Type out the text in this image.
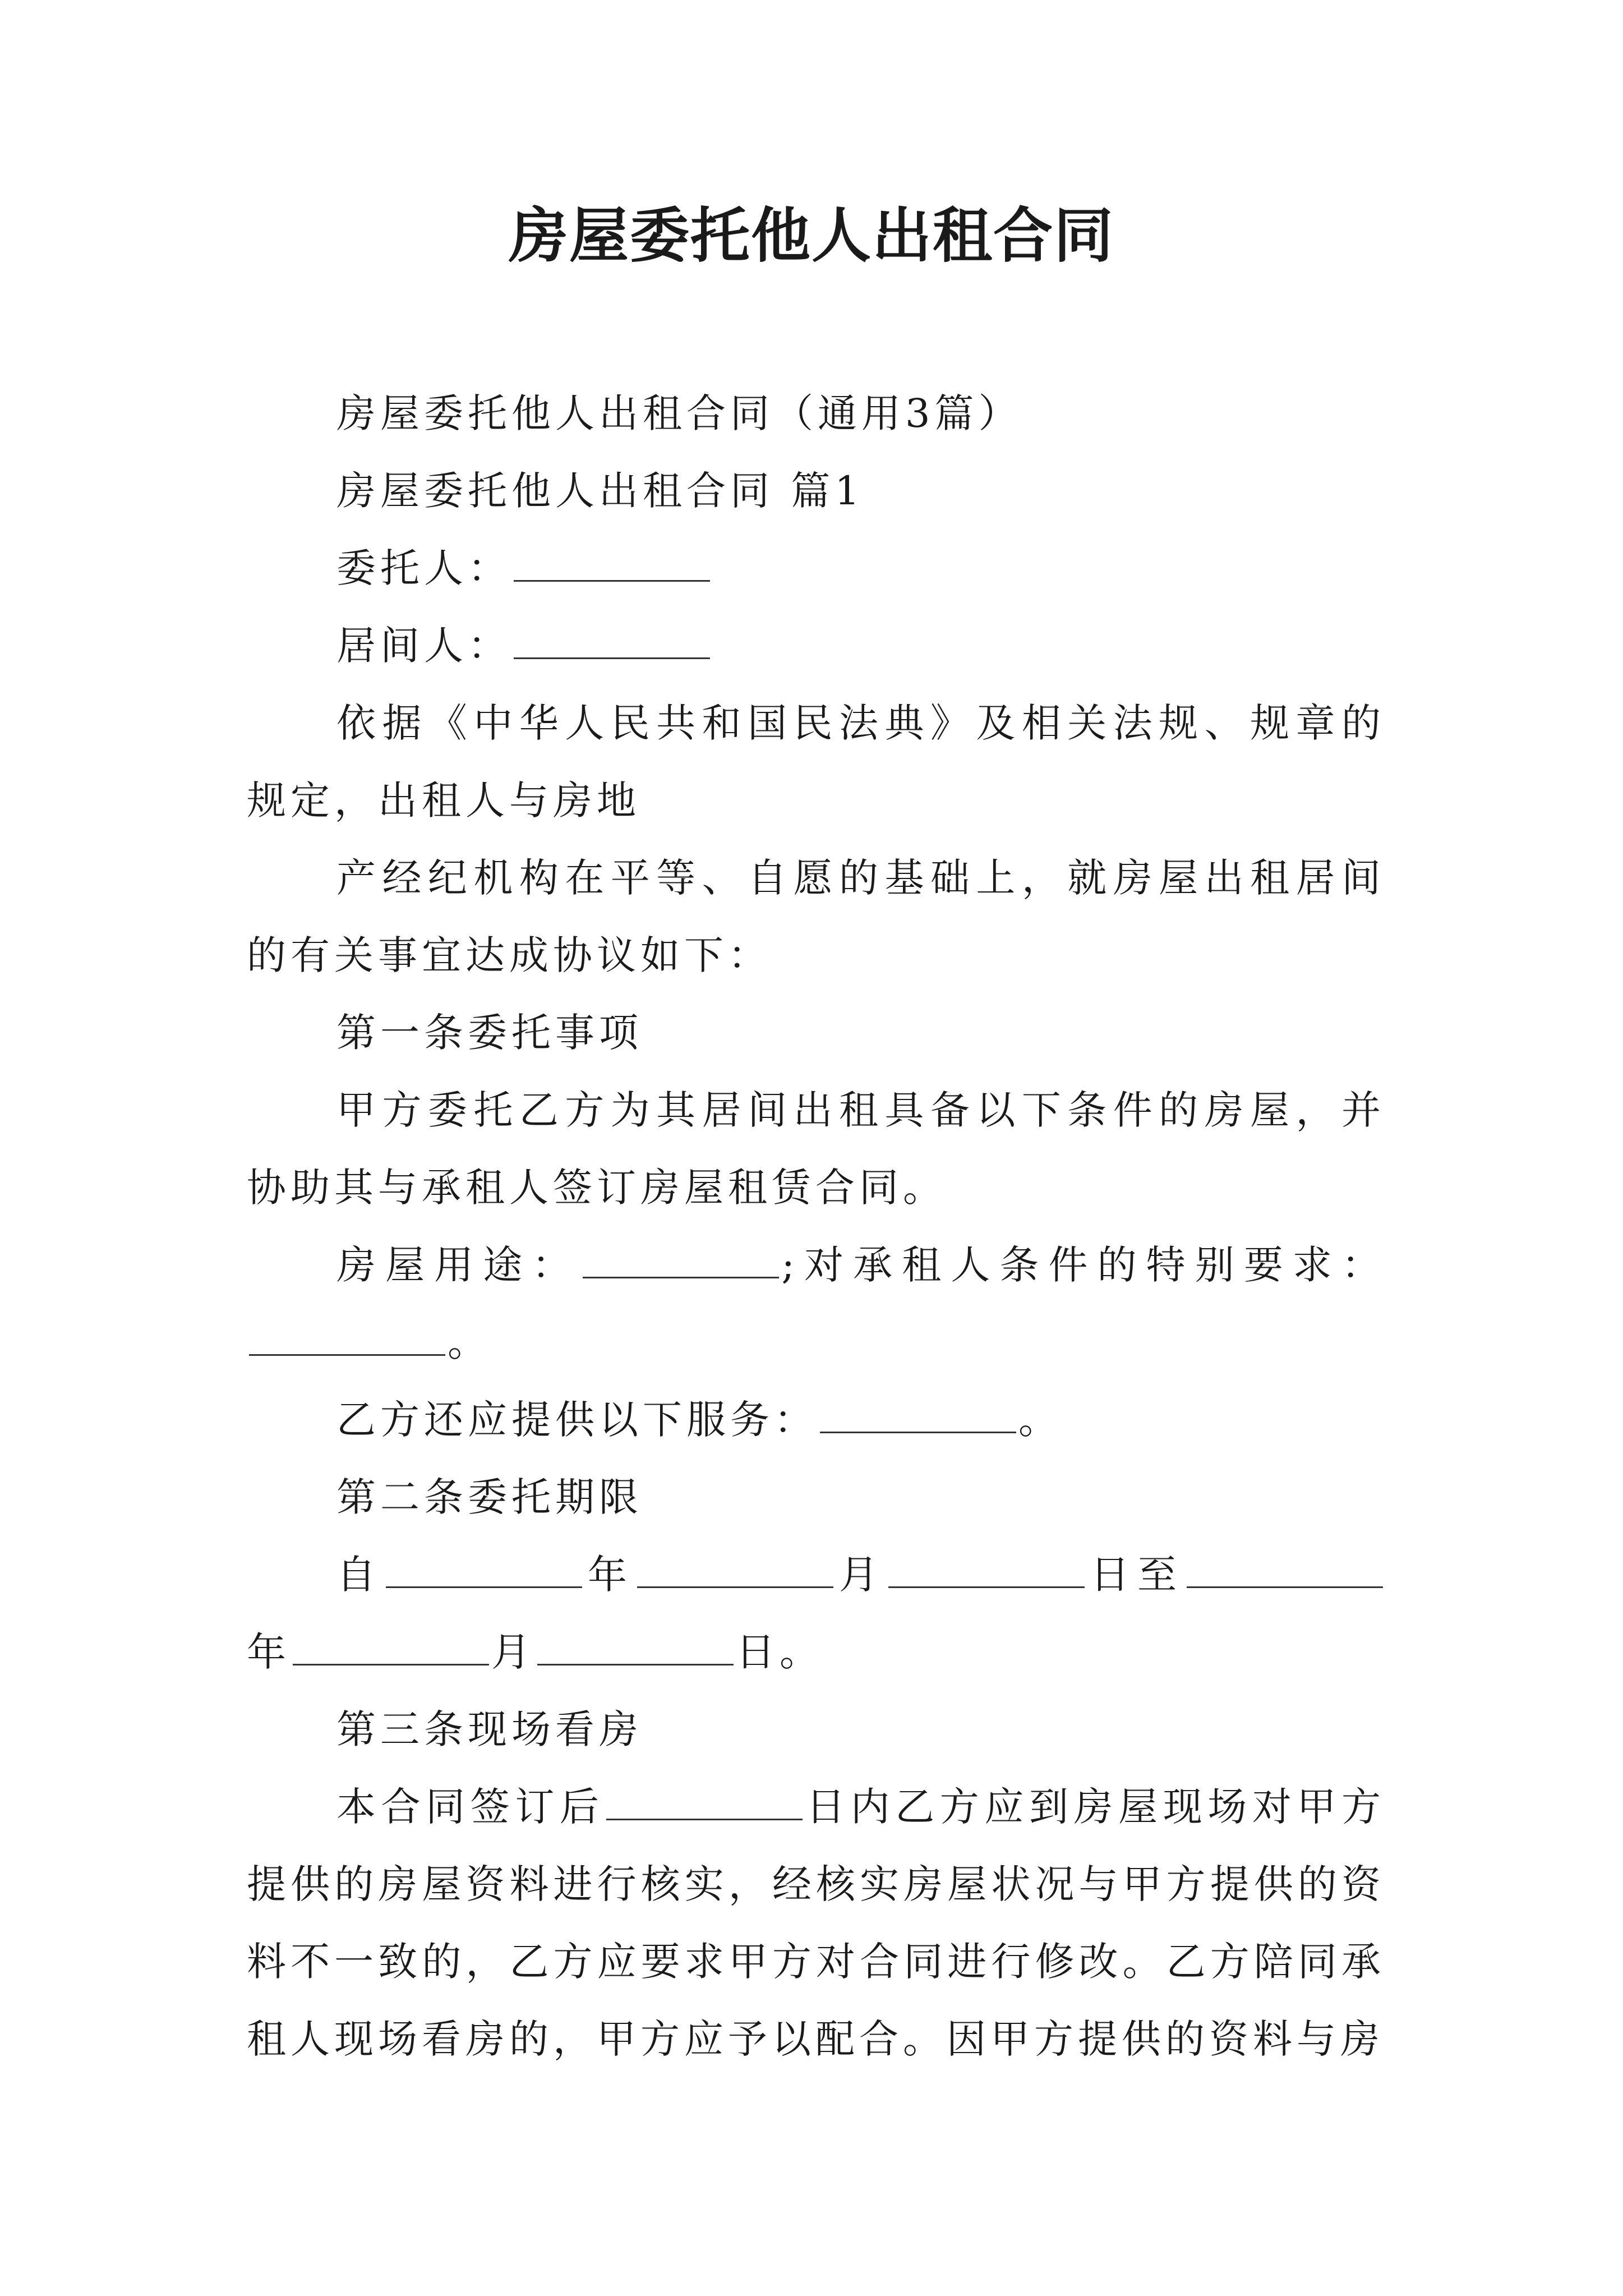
房屋委托他人出租合同

房屋委托他人出租合同（通用3篇）

房屋委托他人出租合同 篇1

委托人：

居间人：

依据《中华人民共和国民法典》及相关法规、规章的规定，出租人与房地

产经纪机构在平等、自愿的基础上，就房屋出租居间的有关事宜达成协议如下：

第一条委托事项

甲方委托乙方为其居间出租具备以下条件的房屋，并协助其与承租人签订房屋租赁合同。

房屋用途：	;对承租人条件的特别要求：。

乙方还应提供以下服务：	。

第二条委托期限

自	年	月	日至年	月	日。

第三条现场看房

本合同签订后	日内乙方应到房屋现场对甲方提供的房屋资料进行核实，经核实房屋状况与甲方提供的资料不一致的，乙方应要求甲方对合同进行修改。乙方陪同承租人现场看房的，甲方应予以配合。因甲方提供的资料与房
